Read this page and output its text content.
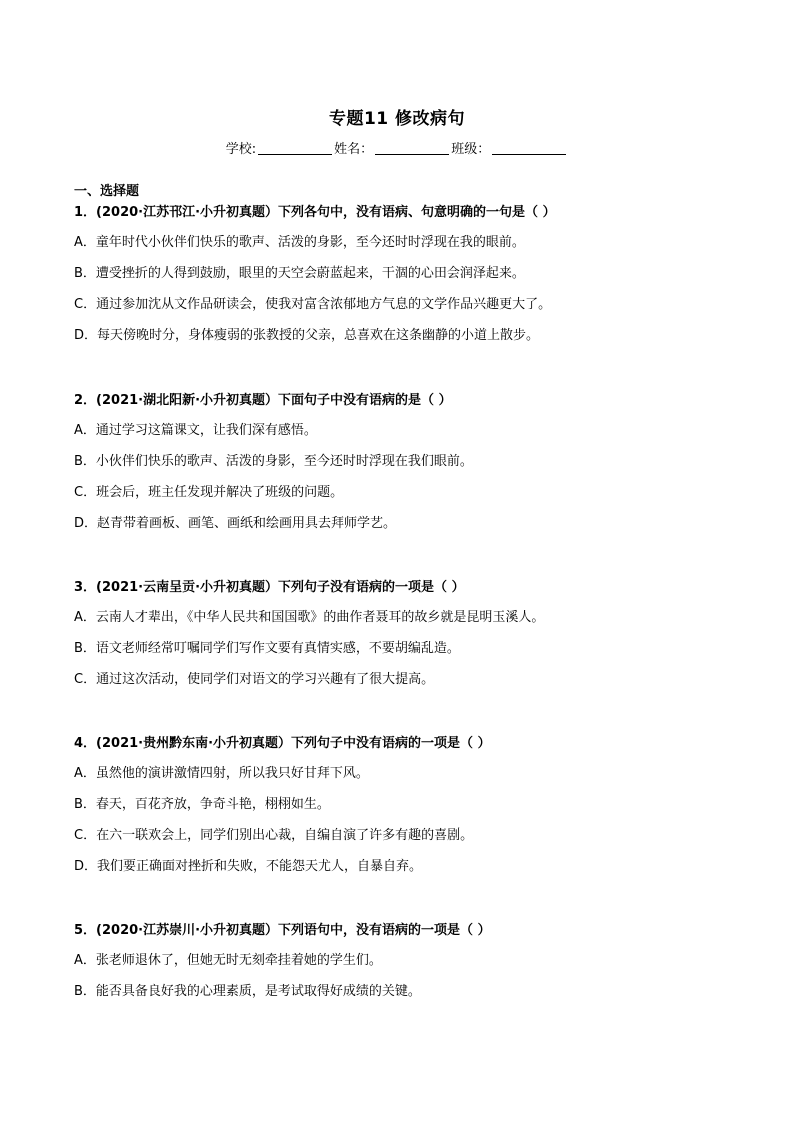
专题11 修改病句
学校:	姓名：	班级：
一、选择题
1．(2020·江苏邗江·小升初真题）下列各句中，没有语病、句意明确的一句是（ ）
A．童年时代小伙伴们快乐的歌声、活泼的身影，至今还时时浮现在我的眼前。
B．遭受挫折的人得到鼓励，眼里的天空会蔚蓝起来，干涸的心田会润泽起来。
C．通过参加沈从文作品研读会，使我对富含浓郁地方气息的文学作品兴趣更大了。
D．每天傍晚时分，身体瘦弱的张教授的父亲，总喜欢在这条幽静的小道上散步。
2．(2021·湖北阳新·小升初真题）下面句子中没有语病的是（ ）
A．通过学习这篇课文，让我们深有感悟。
B．小伙伴们快乐的歌声、活泼的身影，至今还时时浮现在我们眼前。
C．班会后，班主任发现并解决了班级的问题。
D．赵青带着画板、画笔、画纸和绘画用具去拜师学艺。
3．(2021·云南呈贡·小升初真题）下列句子没有语病的一项是（ ）
A．云南人才辈出，《中华人民共和国国歌》的曲作者聂耳的故乡就是昆明玉溪人。
B．语文老师经常叮嘱同学们写作文要有真情实感，不要胡编乱造。
C．通过这次活动，使同学们对语文的学习兴趣有了很大提高。
4．(2021·贵州黔东南·小升初真题）下列句子中没有语病的一项是（ ）
A．虽然他的演讲激情四射，所以我只好甘拜下风。
B．春天，百花齐放，争奇斗艳，栩栩如生。
C．在六一联欢会上，同学们别出心裁，自编自演了许多有趣的喜剧。
D．我们要正确面对挫折和失败，不能怨天尤人，自暴自弃。
5．(2020·江苏崇川·小升初真题）下列语句中，没有语病的一项是（ ）
A．张老师退休了，但她无时无刻牵挂着她的学生们。
B．能否具备良好我的心理素质，是考试取得好成绩的关键。
